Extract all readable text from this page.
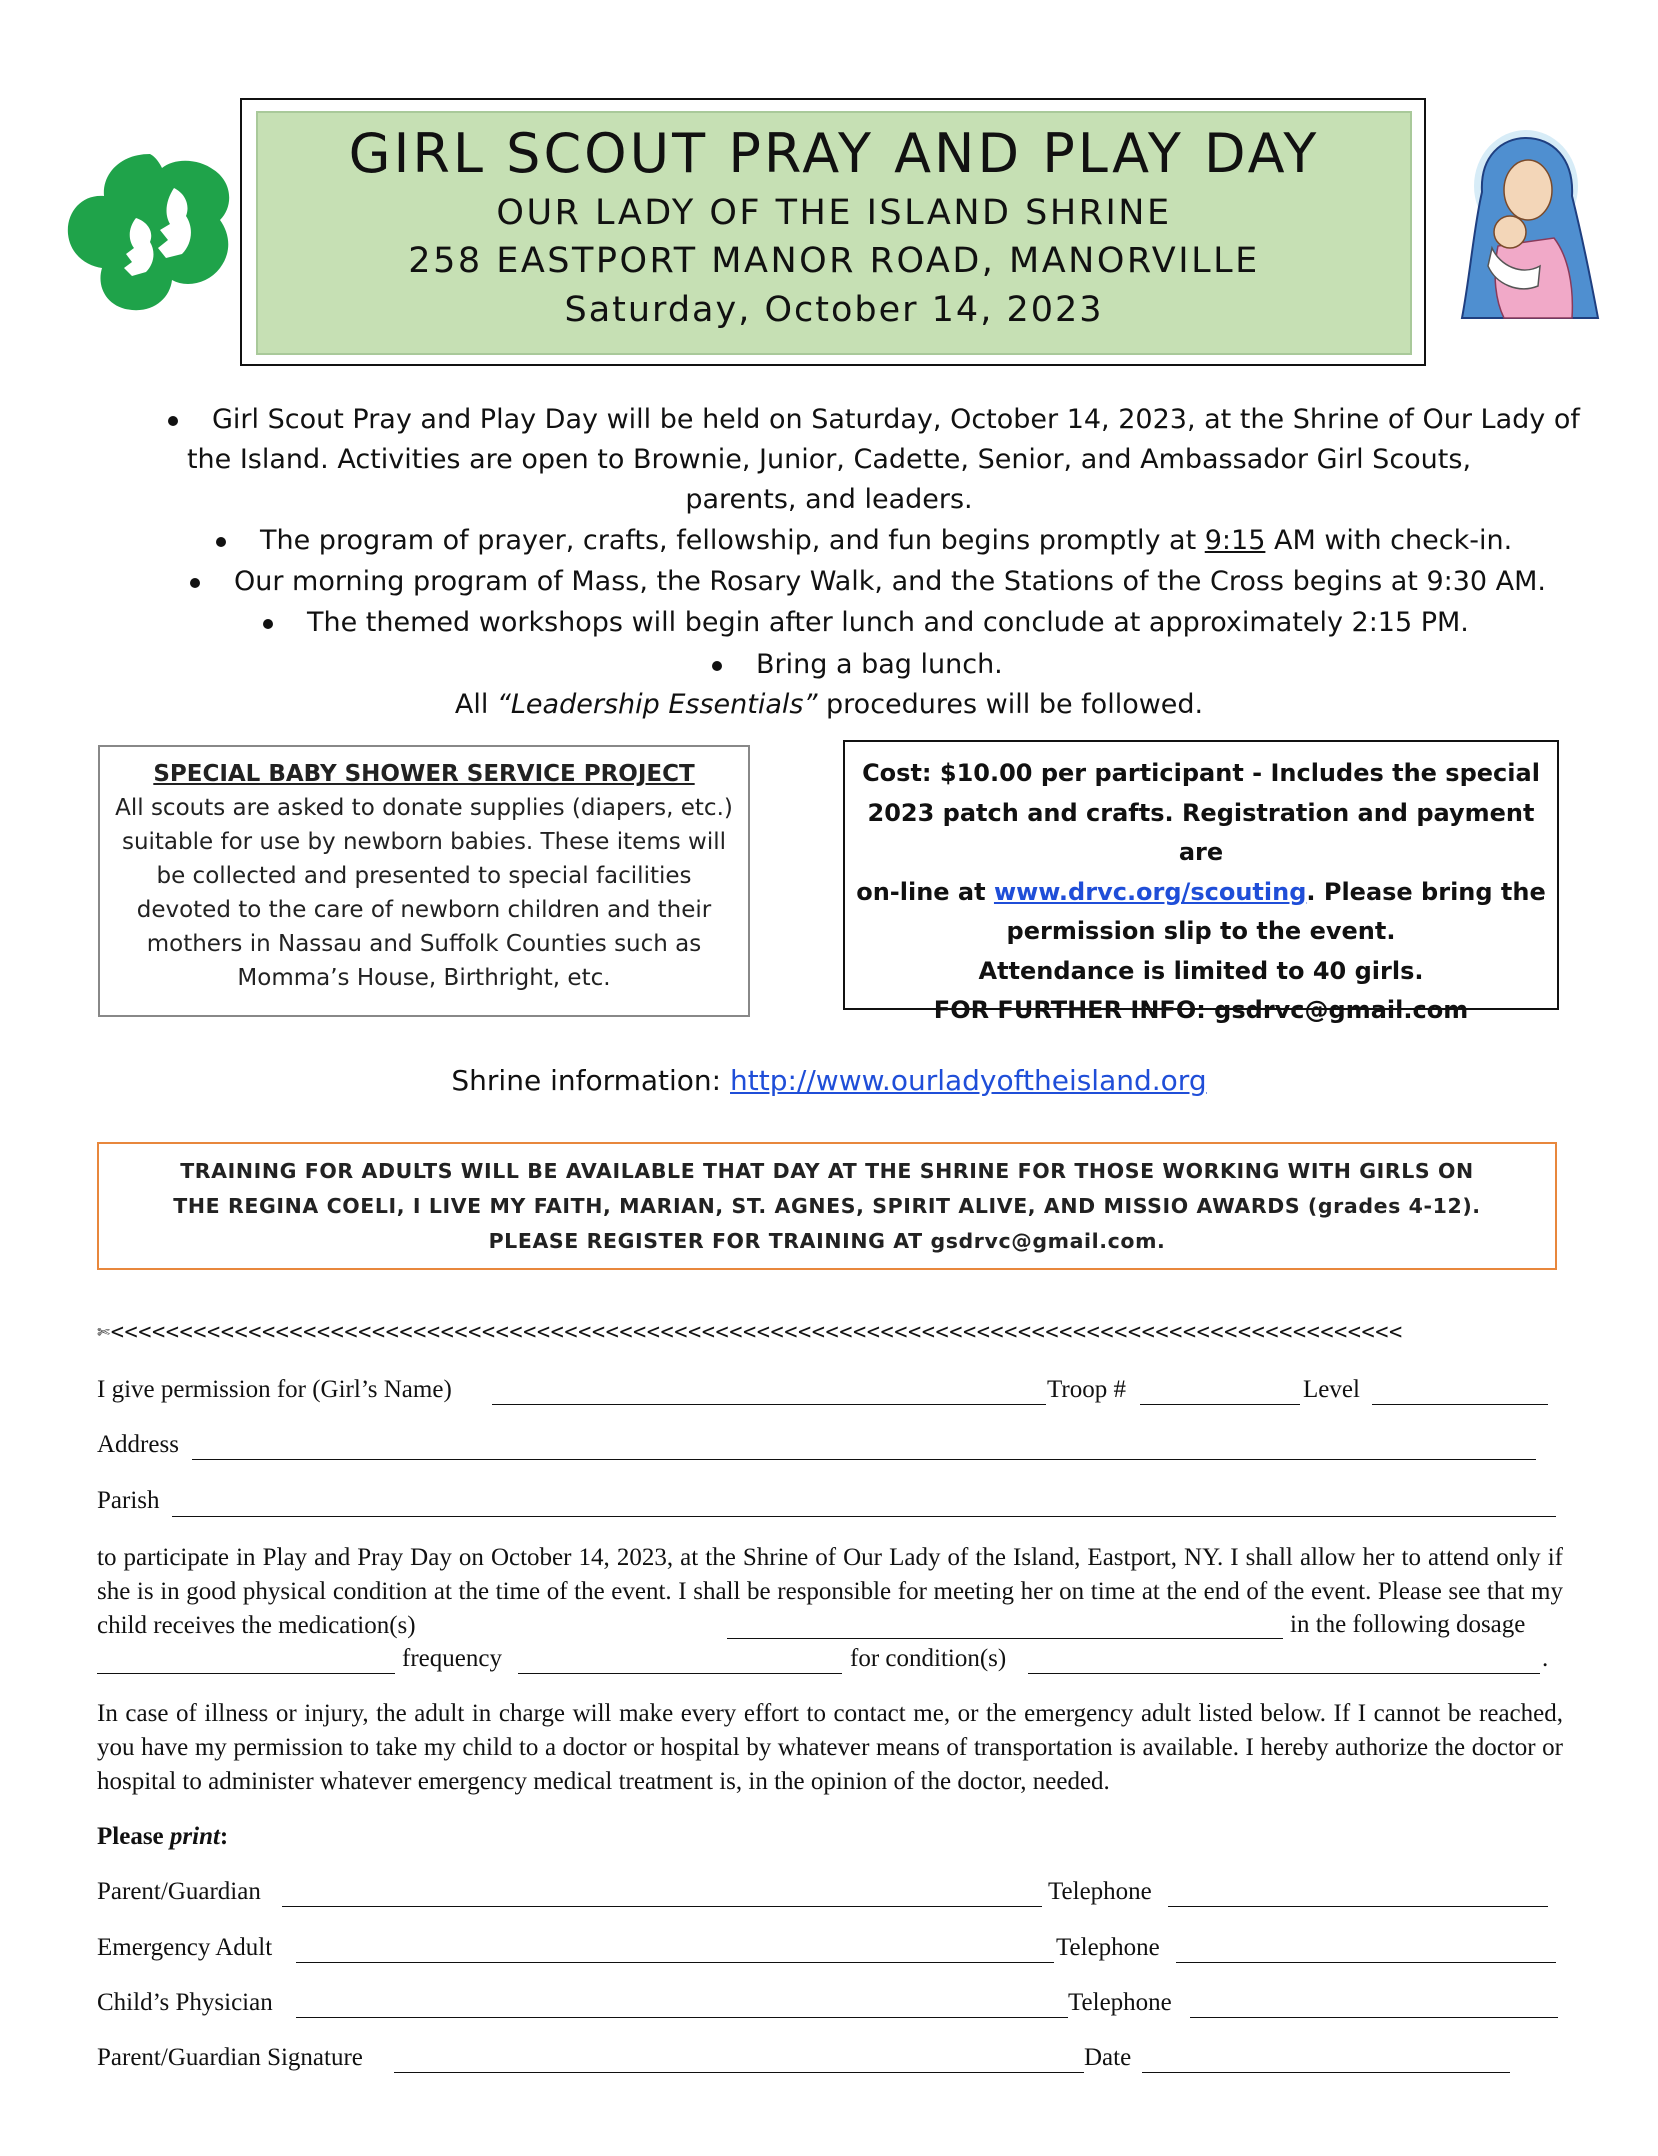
GIRL SCOUT PRAY AND PLAY DAY
OUR LADY OF THE ISLAND SHRINE
258 EASTPORT MANOR ROAD, MANORVILLE
Saturday, October 14, 2023
Girl Scout Pray and Play Day will be held on Saturday, October 14, 2023, at the Shrine of Our Lady of
the Island. Activities are open to Brownie, Junior, Cadette, Senior, and Ambassador Girl Scouts,
parents, and leaders.
The program of prayer, crafts, fellowship, and fun begins promptly at 9:15 AM with check-in.
Our morning program of Mass, the Rosary Walk, and the Stations of the Cross begins at 9:30 AM.
The themed workshops will begin after lunch and conclude at approximately 2:15 PM.
Bring a bag lunch.
All “Leadership Essentials” procedures will be followed.
SPECIAL BABY SHOWER SERVICE PROJECT
All scouts are asked to donate supplies (diapers, etc.)
suitable for use by newborn babies. These items will
be collected and presented to special facilities
devoted to the care of newborn children and their
mothers in Nassau and Suffolk Counties such as
Momma’s House, Birthright, etc.
Cost: $10.00 per participant - Includes the special
2023 patch and crafts. Registration and payment are
on-line at www.drvc.org/scouting. Please bring the
permission slip to the event.
Attendance is limited to 40 girls.
FOR FURTHER INFO: gsdrvc@gmail.com
Shrine information: http://www.ourladyoftheisland.org
TRAINING FOR ADULTS WILL BE AVAILABLE THAT DAY AT THE SHRINE FOR THOSE WORKING WITH GIRLS ON
THE REGINA COELI, I LIVE MY FAITH, MARIAN, ST. AGNES, SPIRIT ALIVE, AND MISSIO AWARDS (grades 4-12).
PLEASE REGISTER FOR TRAINING AT gsdrvc@gmail.com.
✄<<<<<<<<<<<<<<<<<<<<<<<<<<<<<<<<<<<<<<<<<<<<<<<<<<<<<<<<<<<<<<<<<<<<<<<<<<<<<<<<<<<<<<<<<<<<<<
I give permission for (Girl’s Name)	Troop #	Level
Address
Parish
to participate in Play and Pray Day on October 14, 2023, at the Shrine of Our Lady of the Island, Eastport, NY. I shall allow her to attend only if she is in good physical condition at the time of the event. I shall be responsible for meeting her on time at the end of the event. Please see that my child receives the medication(s)	in the following dosage
frequency	for condition(s)	.
In case of illness or injury, the adult in charge will make every effort to contact me, or the emergency adult listed below. If I cannot be reached, you have my permission to take my child to a doctor or hospital by whatever means of transportation is available. I hereby authorize the doctor or hospital to administer whatever emergency medical treatment is, in the opinion of the doctor, needed.
Please print:
Parent/Guardian	Telephone
Emergency Adult	Telephone
Child’s Physician	Telephone
Parent/Guardian Signature	Date
